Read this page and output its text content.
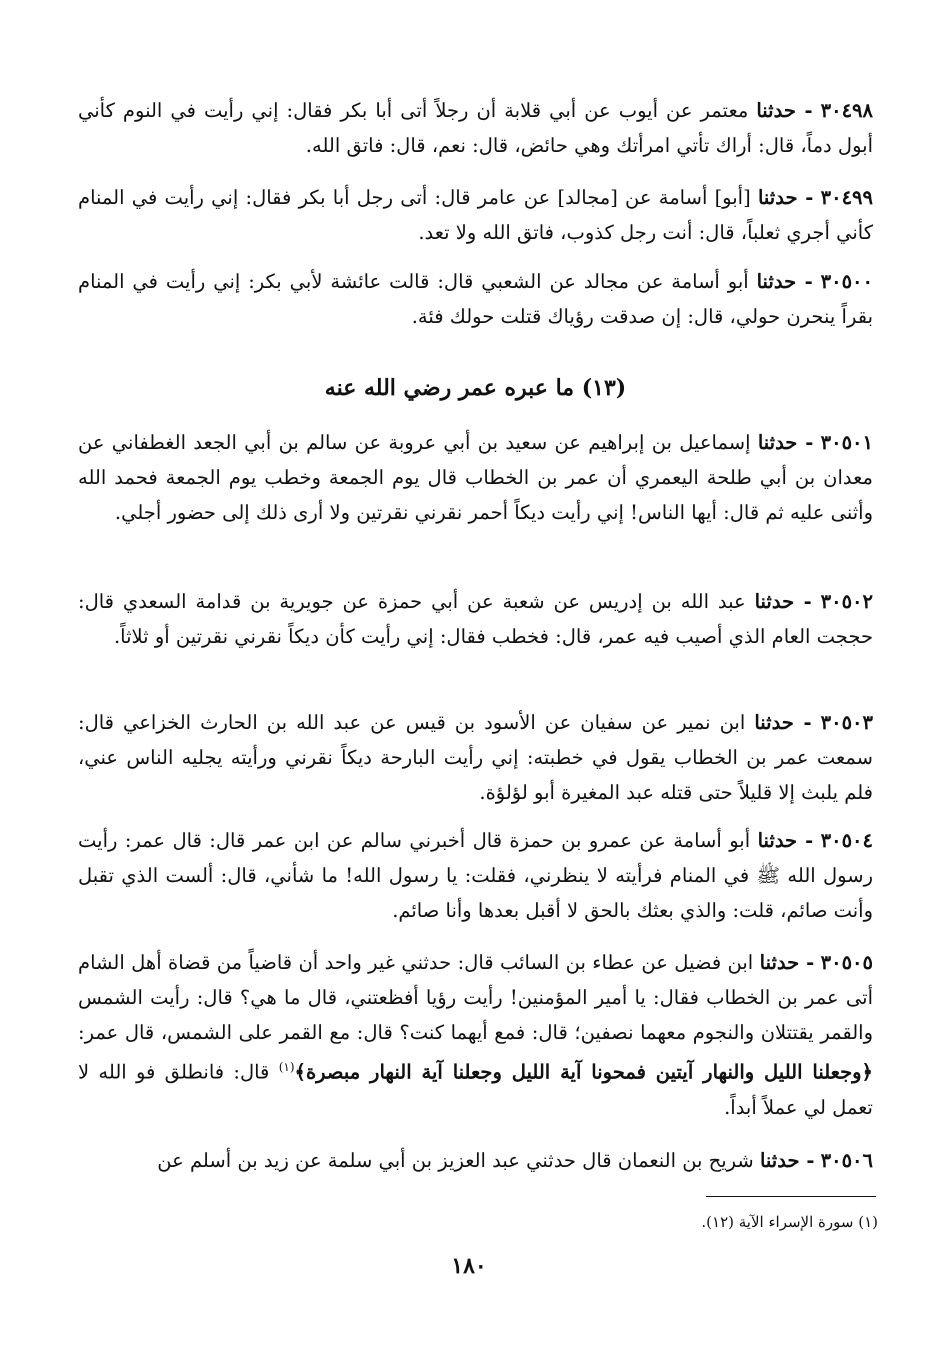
٣٠٤٩٨ - حدثنا معتمر عن أيوب عن أبي قلابة أن رجلاً أتى أبا بكر فقال: إني رأيت في النوم كأني أبول دماً، قال: أراك تأتي امرأتك وهي حائض، قال: نعم، قال: فاتق الله.

٣٠٤٩٩ - حدثنا [أبو] أسامة عن [مجالد] عن عامر قال: أتى رجل أبا بكر فقال: إني رأيت في المنام كأني أجري ثعلباً، قال: أنت رجل كذوب، فاتق الله ولا تعد.

٣٠٥٠٠ - حدثنا أبو أسامة عن مجالد عن الشعبي قال: قالت عائشة لأبي بكر: إني رأيت في المنام بقراً ينحرن حولي، قال: إن صدقت رؤياك قتلت حولك فئة.

(١٣) ما عبره عمر رضي الله عنه

٣٠٥٠١ - حدثنا إسماعيل بن إبراهيم عن سعيد بن أبي عروبة عن سالم بن أبي الجعد الغطفاني عن معدان بن أبي طلحة اليعمري أن عمر بن الخطاب قال يوم الجمعة وخطب يوم الجمعة فحمد الله وأثنى عليه ثم قال: أيها الناس! إني رأيت ديكاً أحمر نقرني نقرتين ولا أرى ذلك إلى حضور أجلي.

٣٠٥٠٢ - حدثنا عبد الله بن إدريس عن شعبة عن أبي حمزة عن جويرية بن قدامة السعدي قال: حججت العام الذي أصيب فيه عمر، قال: فخطب فقال: إني رأيت كأن ديكاً نقرني نقرتين أو ثلاثاً.

٣٠٥٠٣ - حدثنا ابن نمير عن سفيان عن الأسود بن قيس عن عبد الله بن الحارث الخزاعي قال: سمعت عمر بن الخطاب يقول في خطبته: إني رأيت البارحة ديكاً نقرني ورأيته يجليه الناس عني، فلم يلبث إلا قليلاً حتى قتله عبد المغيرة أبو لؤلؤة.

٣٠٥٠٤ - حدثنا أبو أسامة عن عمرو بن حمزة قال أخبرني سالم عن ابن عمر قال: قال عمر: رأيت رسول الله ﷺ في المنام فرأيته لا ينظرني، فقلت: يا رسول الله! ما شأني، قال: ألست الذي تقبل وأنت صائم، قلت: والذي بعثك بالحق لا أقبل بعدها وأنا صائم.

٣٠٥٠٥ - حدثنا ابن فضيل عن عطاء بن السائب قال: حدثني غير واحد أن قاضياً من قضاة أهل الشام أتى عمر بن الخطاب فقال: يا أمير المؤمنين! رأيت رؤيا أفظعتني، قال ما هي؟ قال: رأيت الشمس والقمر يقتتلان والنجوم معهما نصفين؛ قال: فمع أيهما كنت؟ قال: مع القمر على الشمس، قال عمر: ﴿وجعلنا الليل والنهار آيتين فمحونا آية الليل وجعلنا آية النهار مبصرة﴾$^{(١)}$ قال: فانطلق فو الله لا تعمل لي عملاً أبداً.

٣٠٥٠٦ - حدثنا شريح بن النعمان قال حدثني عبد العزيز بن أبي سلمة عن زيد بن أسلم عن

(١) سورة الإسراء الآية (١٢).

١٨٠
